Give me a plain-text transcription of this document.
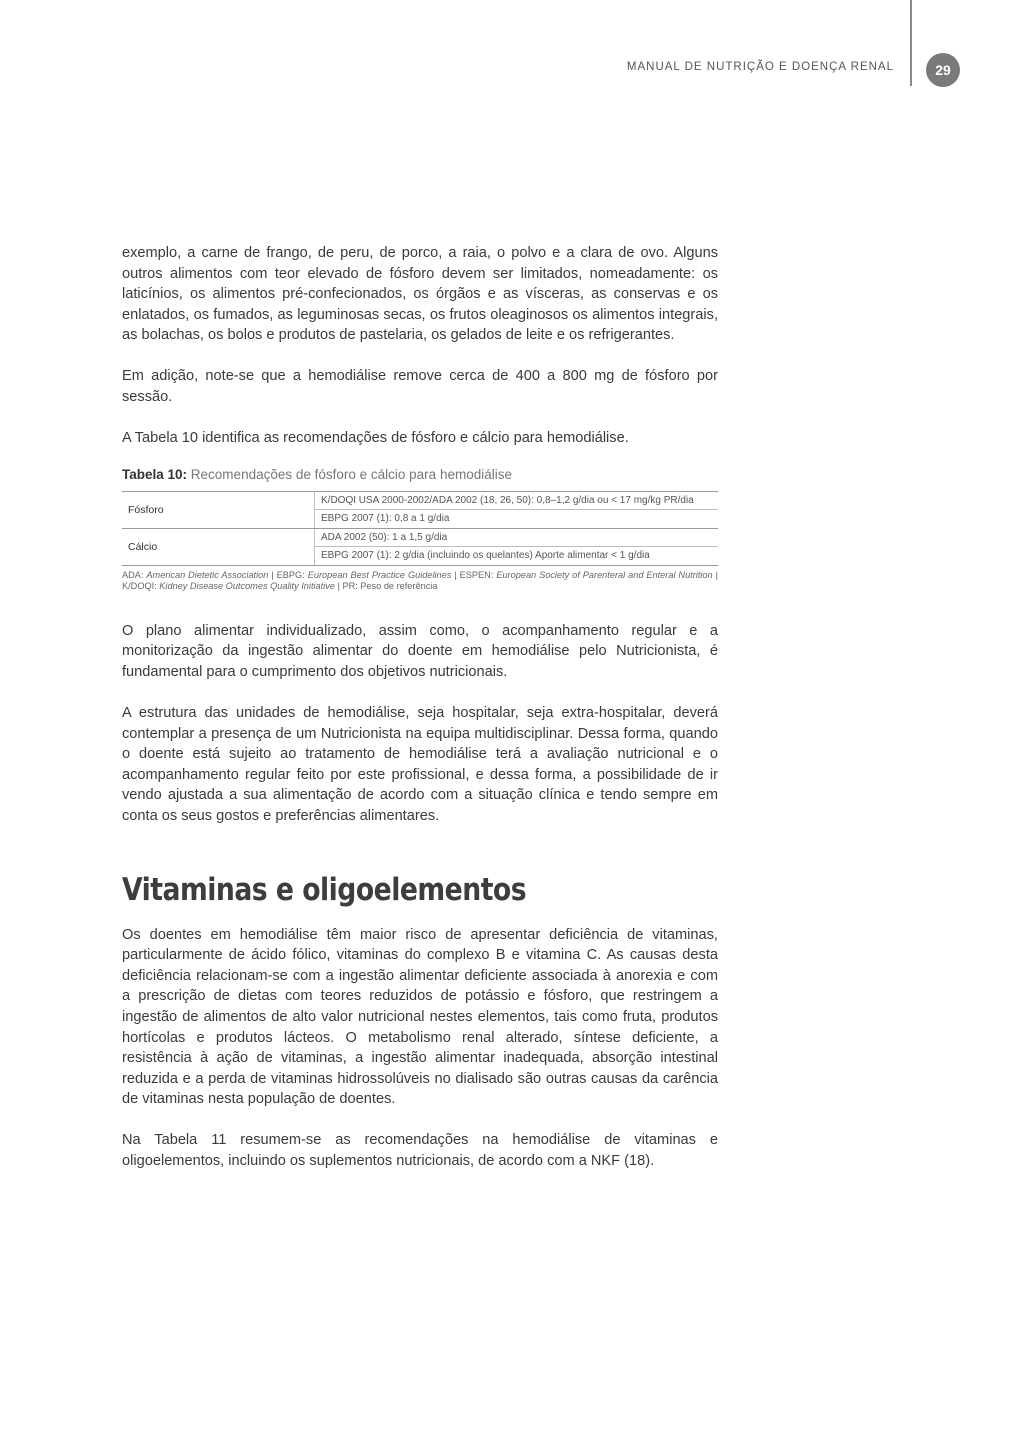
MANUAL DE NUTRIÇÃO E DOENÇA RENAL	29

exemplo, a carne de frango, de peru, de porco, a raia, o polvo e a clara de ovo. Alguns outros alimentos com teor elevado de fósforo devem ser limitados, nomeadamente: os laticínios, os alimentos pré-confecionados, os órgãos e as vísceras, as conservas e os enlatados, os fumados, as leguminosas secas, os frutos oleaginosos os alimentos integrais, as bolachas, os bolos e produtos de pastelaria, os gelados de leite e os refrigerantes.

Em adição, note-se que a hemodiálise remove cerca de 400 a 800 mg de fósforo por sessão.

A Tabela 10 identifica as recomendações de fósforo e cálcio para hemodiálise.

Tabela 10: Recomendações de fósforo e cálcio para hemodiálise
Fósforo	K/DOQI USA 2000-2002/ADA 2002 (18, 26, 50): 0,8–1,2 g/dia ou < 17 mg/kg PR/dia
	EBPG 2007 (1): 0,8 a 1 g/dia
Cálcio	ADA 2002 (50): 1 a 1,5 g/dia
	EBPG 2007 (1): 2 g/dia (incluindo os quelantes) Aporte alimentar < 1 g/dia

ADA: American Dietetic Association | EBPG: European Best Practice Guidelines | ESPEN: European Society of Parenteral and Enteral Nutrition | K/DOQI: Kidney Disease Outcomes Quality Initiative | PR: Peso de referência

O plano alimentar individualizado, assim como, o acompanhamento regular e a monitorização da ingestão alimentar do doente em hemodiálise pelo Nutricionista, é fundamental para o cumprimento dos objetivos nutricionais.

A estrutura das unidades de hemodiálise, seja hospitalar, seja extra-hospitalar, deverá contemplar a presença de um Nutricionista na equipa multidisciplinar. Dessa forma, quando o doente está sujeito ao tratamento de hemodiálise terá a avaliação nutricional e o acompanhamento regular feito por este profissional, e dessa forma, a possibilidade de ir vendo ajustada a sua alimentação de acordo com a situação clínica e tendo sempre em conta os seus gostos e preferências alimentares.

Vitaminas e oligoelementos

Os doentes em hemodiálise têm maior risco de apresentar deficiência de vitaminas, particularmente de ácido fólico, vitaminas do complexo B e vitamina C. As causas desta deficiência relacionam-se com a ingestão alimentar deficiente associada à anorexia e com a prescrição de dietas com teores reduzidos de potássio e fósforo, que restringem a ingestão de alimentos de alto valor nutricional nestes elementos, tais como fruta, produtos hortícolas e produtos lácteos. O metabolismo renal alterado, síntese deficiente, a resistência à ação de vitaminas, a ingestão alimentar inadequada, absorção intestinal reduzida e a perda de vitaminas hidrossolúveis no dialisado são outras causas da carência de vitaminas nesta população de doentes.

Na Tabela 11 resumem-se as recomendações na hemodiálise de vitaminas e oligoelementos, incluindo os suplementos nutricionais, de acordo com a NKF (18).
